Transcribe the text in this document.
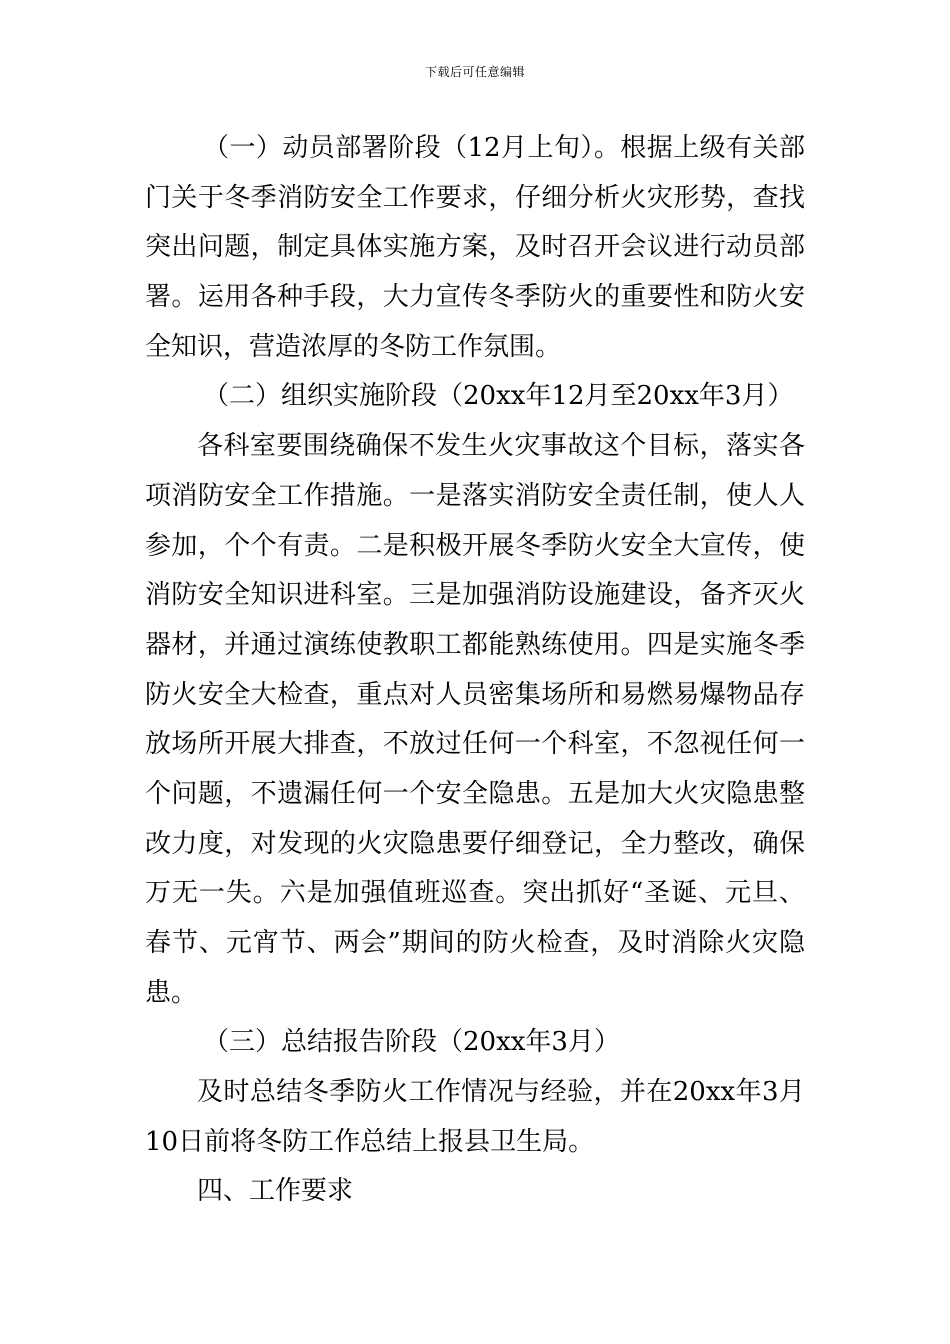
下载后可任意编辑
（一）动员部署阶段（12月上旬）。根据上级有关部
门关于冬季消防安全工作要求，仔细分析火灾形势，查找
突出问题，制定具体实施方案，及时召开会议进行动员部
署。运用各种手段，大力宣传冬季防火的重要性和防火安
全知识，营造浓厚的冬防工作氛围。
（二）组织实施阶段（20xx年12月至20xx年3月）
各科室要围绕确保不发生火灾事故这个目标，落实各
项消防安全工作措施。一是落实消防安全责任制，使人人
参加，个个有责。二是积极开展冬季防火安全大宣传，使
消防安全知识进科室。三是加强消防设施建设，备齐灭火
器材，并通过演练使教职工都能熟练使用。四是实施冬季
防火安全大检查，重点对人员密集场所和易燃易爆物品存
放场所开展大排查，不放过任何一个科室，不忽视任何一
个问题，不遗漏任何一个安全隐患。五是加大火灾隐患整
改力度，对发现的火灾隐患要仔细登记，全力整改，确保
万无一失。六是加强值班巡查。突出抓好“圣诞、元旦、
春节、元宵节、两会”期间的防火检查，及时消除火灾隐
患。
（三）总结报告阶段（20xx年3月）
及时总结冬季防火工作情况与经验，并在20xx年3月
10日前将冬防工作总结上报县卫生局。
四、工作要求
